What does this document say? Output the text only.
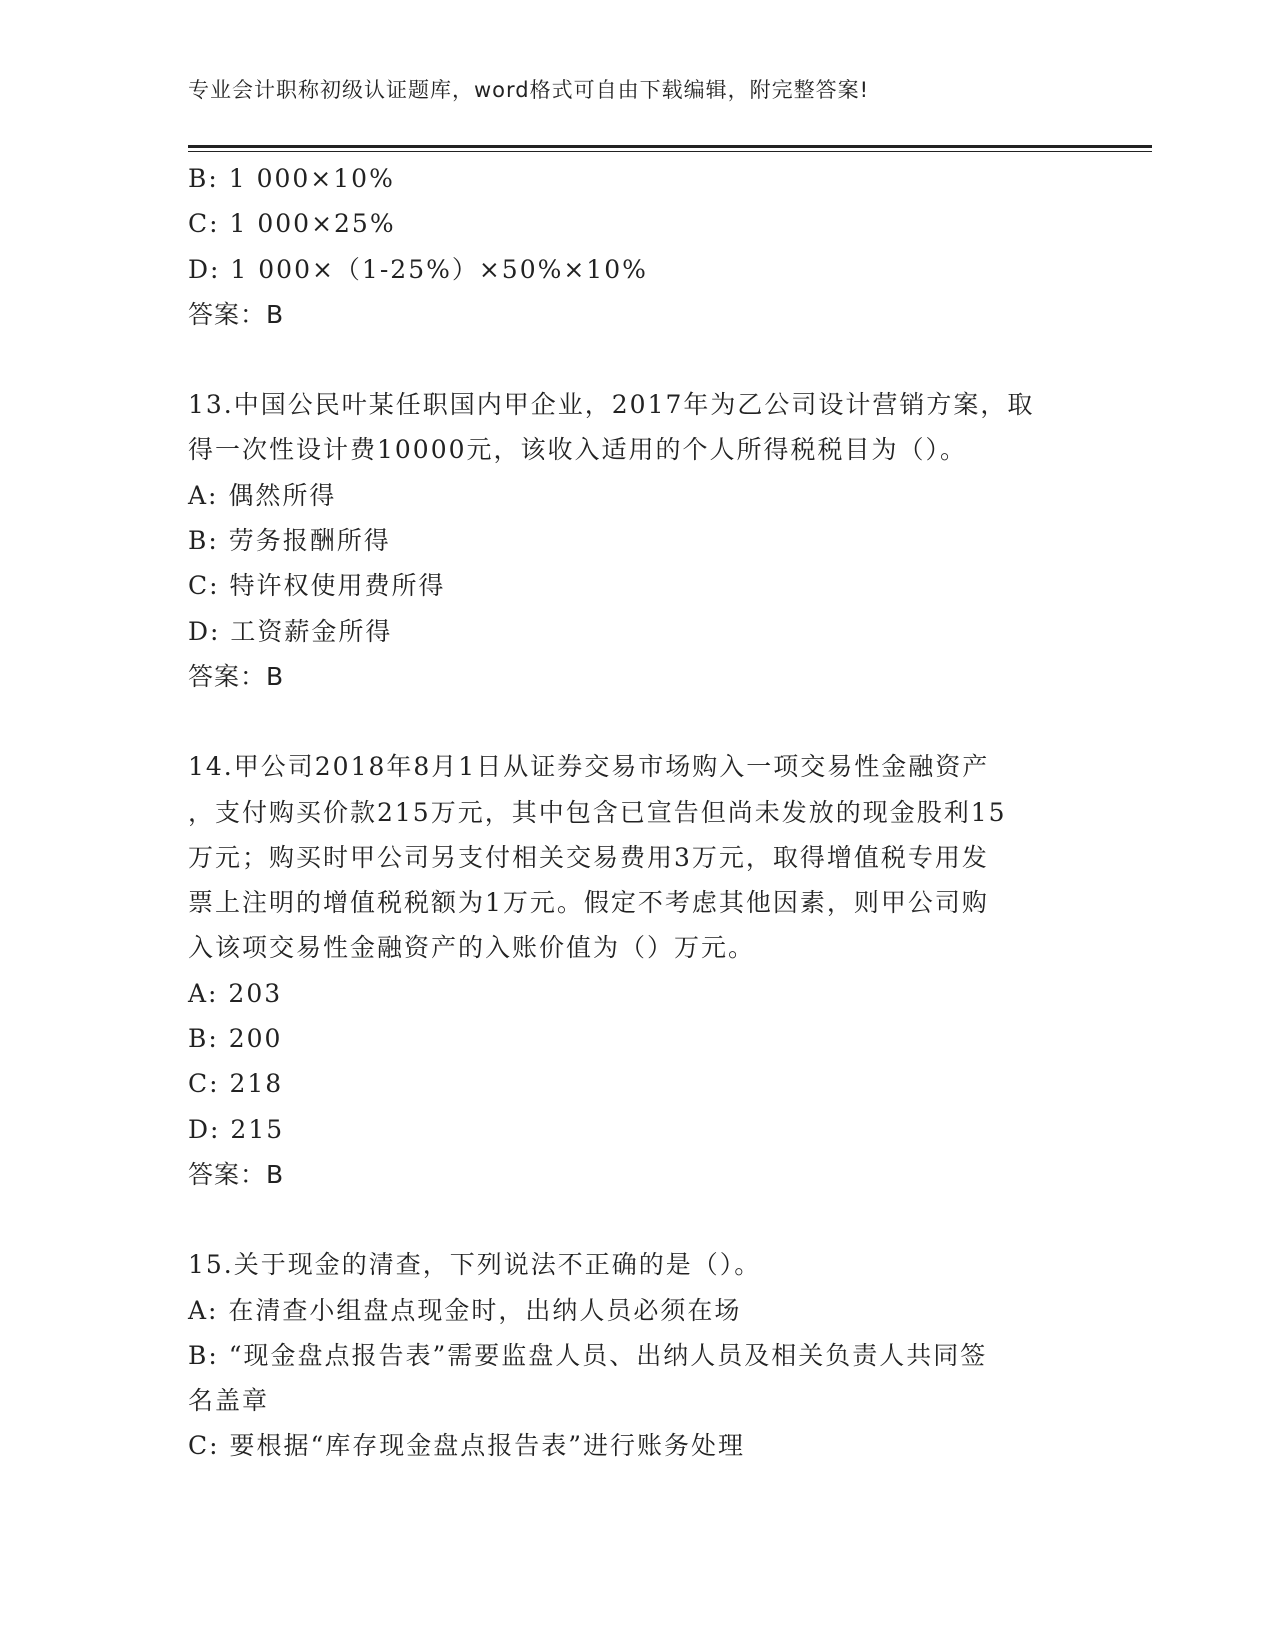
专业会计职称初级认证题库，word格式可自由下载编辑，附完整答案!
B: 1 000×10%
C: 1 000×25%
D: 1 000×（1-25%）×50%×10%
答案：B
13.中国公民叶某任职国内甲企业，2017年为乙公司设计营销方案，取
得一次性设计费10000元，该收入适用的个人所得税税目为（）。
A: 偶然所得
B: 劳务报酬所得
C: 特许权使用费所得
D: 工资薪金所得
答案：B
14.甲公司2018年8月1日从证券交易市场购入一项交易性金融资产
，支付购买价款215万元，其中包含已宣告但尚未发放的现金股利15
万元；购买时甲公司另支付相关交易费用3万元，取得增值税专用发
票上注明的增值税税额为1万元。假定不考虑其他因素，则甲公司购
入该项交易性金融资产的入账价值为（）万元。
A: 203
B: 200
C: 218
D: 215
答案：B
15.关于现金的清查，下列说法不正确的是（）。
A: 在清查小组盘点现金时，出纳人员必须在场
B: “现金盘点报告表”需要监盘人员、出纳人员及相关负责人共同签
名盖章
C: 要根据“库存现金盘点报告表”进行账务处理
